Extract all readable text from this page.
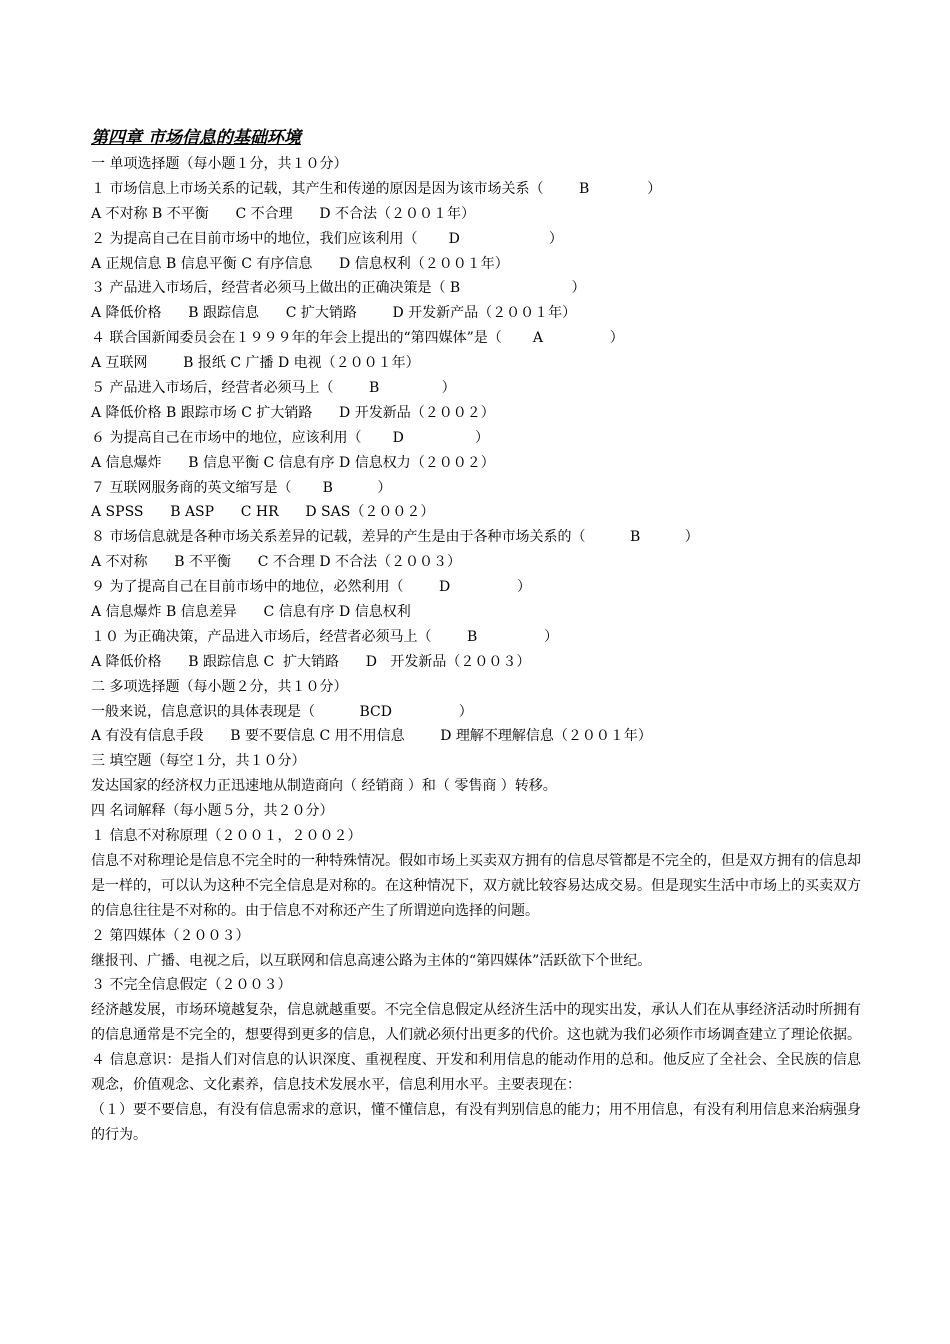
第四章 市场信息的基础环境
一 单项选择题（每小题１分，共１０分）
１ 市场信息上市场关系的记载，其产生和传递的原因是因为该市场关系（        B             ）
A 不对称 B 不平衡      C 不合理      D 不合法（２００１年）
２ 为提高自己在目前市场中的地位，我们应该利用（       D                    ）
A 正规信息 B 信息平衡 C 有序信息      D 信息权利（２００１年）
３ 产品进入市场后，经营者必须马上做出的正确决策是（ B                         ）
A 降低价格      B 跟踪信息      C 扩大销路        D 开发新产品（２００１年）
４ 联合国新闻委员会在１９９９年的年会上提出的“第四媒体”是（       A               ）
A 互联网        B 报纸 C 广播 D 电视（２００１年）
５ 产品进入市场后，经营者必须马上（        B              ）
A 降低价格 B 跟踪市场 C 扩大销路      D 开发新品（２００２）
６ 为提高自己在市场中的地位，应该利用（       D                ）
A 信息爆炸      B 信息平衡 C 信息有序 D 信息权力（２００２）
７ 互联网服务商的英文缩写是（       B          ）
A SPSS      B ASP      C HR      D SAS（２００２）
８ 市场信息就是各种市场关系差异的记载，差异的产生是由于各种市场关系的（          B          ）
A 不对称      B 不平衡      C 不合理 D 不合法（２００３）
９ 为了提高自己在目前市场中的地位，必然利用（        D               ）
A 信息爆炸 B 信息差异      C 信息有序 D 信息权利
１０ 为正确决策，产品进入市场后，经营者必须马上（        B               ）
A 降低价格      B 跟踪信息 C  扩大销路      D   开发新品（２００３）
二 多项选择题（每小题２分，共１０分）
一般来说，信息意识的具体表现是（          BCD               ）
A 有没有信息手段      B 要不要信息 C 用不用信息        D 理解不理解信息（２００１年）
三 填空题（每空１分，共１０分）
发达国家的经济权力正迅速地从制造商向（ 经销商 ）和（ 零售商 ）转移。
四 名词解释（每小题５分，共２０分）
１ 信息不对称原理（２００１，２００２）
信息不对称理论是信息不完全时的一种特殊情况。假如市场上买卖双方拥有的信息尽管都是不完全的，但是双方拥有的信息却是一样的，可以认为这种不完全信息是对称的。在这种情况下，双方就比较容易达成交易。但是现实生活中市场上的买卖双方的信息往往是不对称的。由于信息不对称还产生了所谓逆向选择的问题。
２ 第四媒体（２００３）
继报刊、广播、电视之后，以互联网和信息高速公路为主体的“第四媒体”活跃欲下个世纪。
３ 不完全信息假定（２００３）
经济越发展，市场环境越复杂，信息就越重要。不完全信息假定从经济生活中的现实出发，承认人们在从事经济活动时所拥有的信息通常是不完全的，想要得到更多的信息，人们就必须付出更多的代价。这也就为我们必须作市场调查建立了理论依据。
４ 信息意识：是指人们对信息的认识深度、重视程度、开发和利用信息的能动作用的总和。他反应了全社会、全民族的信息观念，价值观念、文化素养，信息技术发展水平，信息利用水平。主要表现在：
（１）要不要信息，有没有信息需求的意识，懂不懂信息，有没有判别信息的能力；用不用信息，有没有利用信息来治病强身的行为。
